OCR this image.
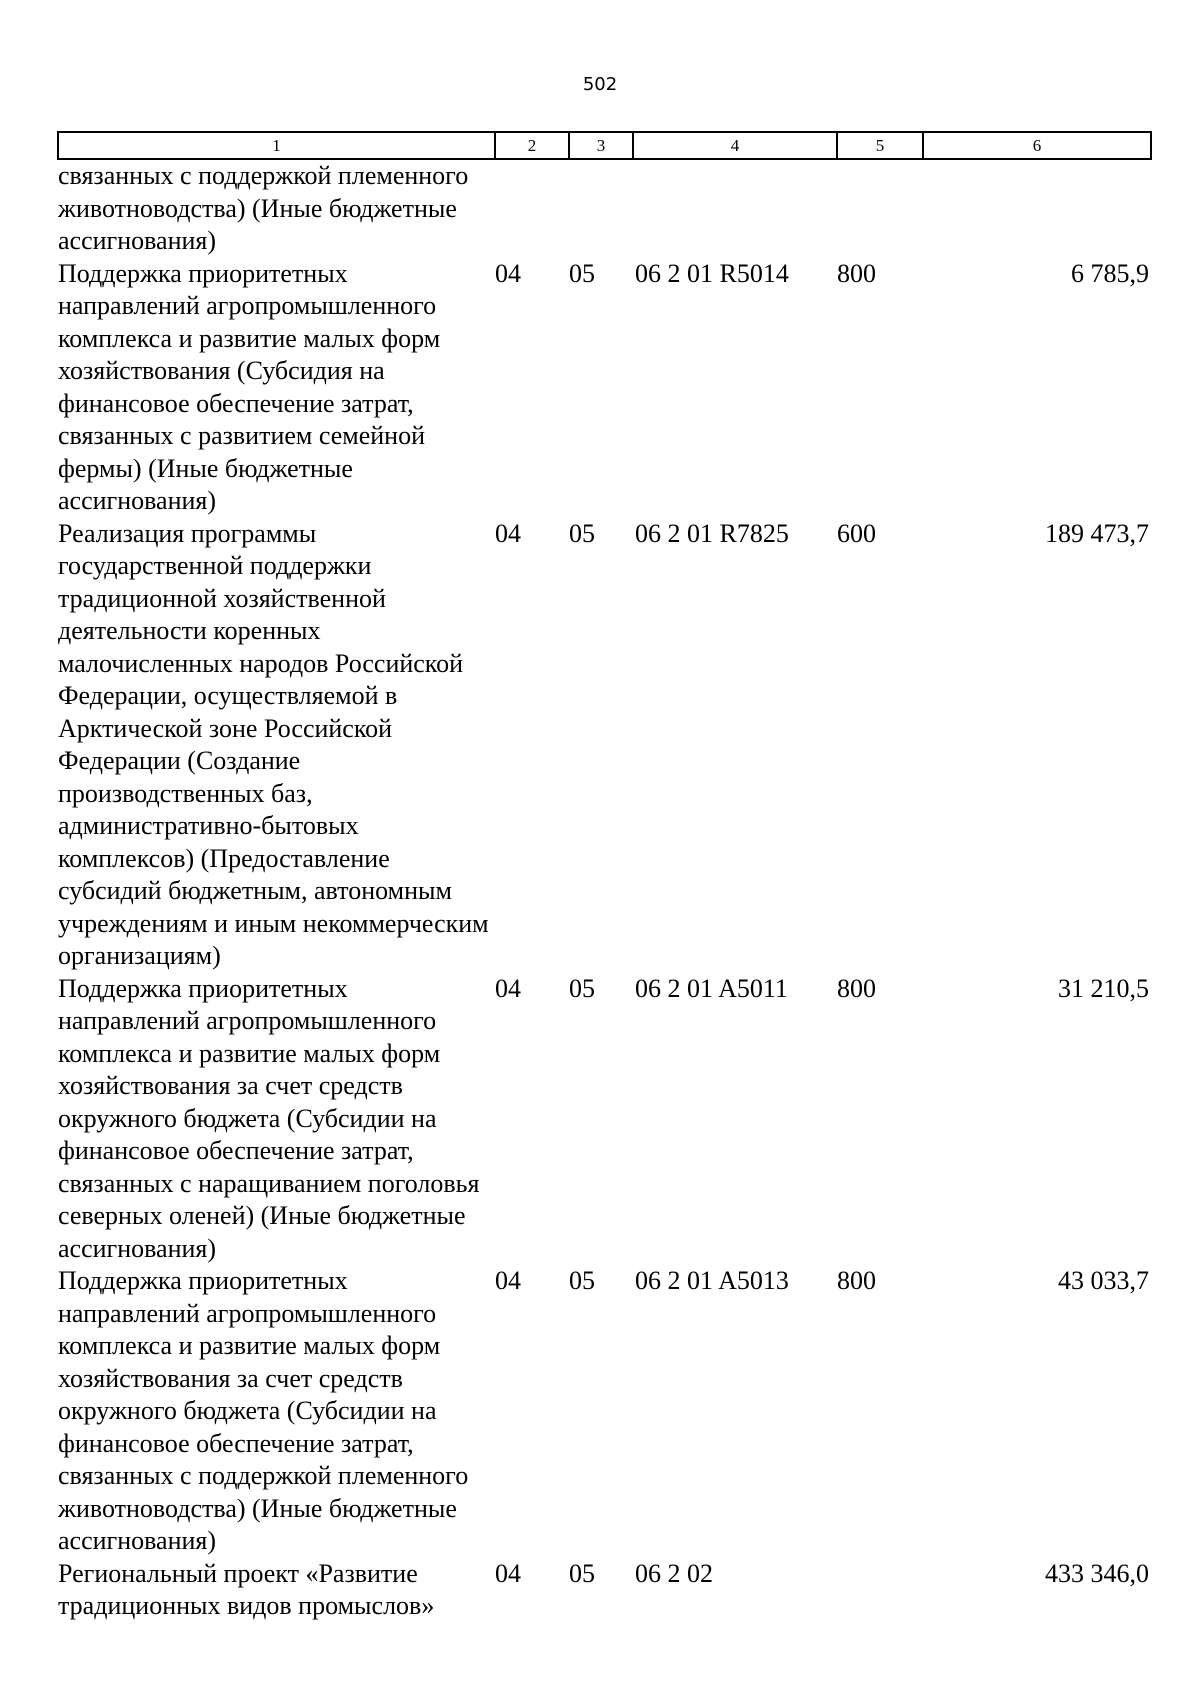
502
1	2	3	4	5	6
связанных с поддержкой племенного животноводства) (Иные бюджетные ассигнования)					
Поддержка приоритетных направлений агропромышленного комплекса и развитие малых форм хозяйствования (Субсидия на финансовое обеспечение затрат, связанных с развитием семейной фермы) (Иные бюджетные ассигнования)	04	05	06 2 01 R5014	800	6 785,9
Реализация программы государственной поддержки традиционной хозяйственной деятельности коренных малочисленных народов Российской Федерации, осуществляемой в Арктической зоне Российской Федерации (Создание производственных баз, административно-бытовых комплексов) (Предоставление субсидий бюджетным, автономным учреждениям и иным некоммерческим организациям)	04	05	06 2 01 R7825	600	189 473,7
Поддержка приоритетных направлений агропромышленного комплекса и развитие малых форм хозяйствования за счет средств окружного бюджета (Субсидии на финансовое обеспечение затрат, связанных с наращиванием поголовья северных оленей) (Иные бюджетные ассигнования)	04	05	06 2 01 A5011	800	31 210,5
Поддержка приоритетных направлений агропромышленного комплекса и развитие малых форм хозяйствования за счет средств окружного бюджета (Субсидии на финансовое обеспечение затрат, связанных с поддержкой племенного животноводства) (Иные бюджетные ассигнования)	04	05	06 2 01 A5013	800	43 033,7
Региональный проект «Развитие традиционных видов промыслов»	04	05	06 2 02		433 346,0
